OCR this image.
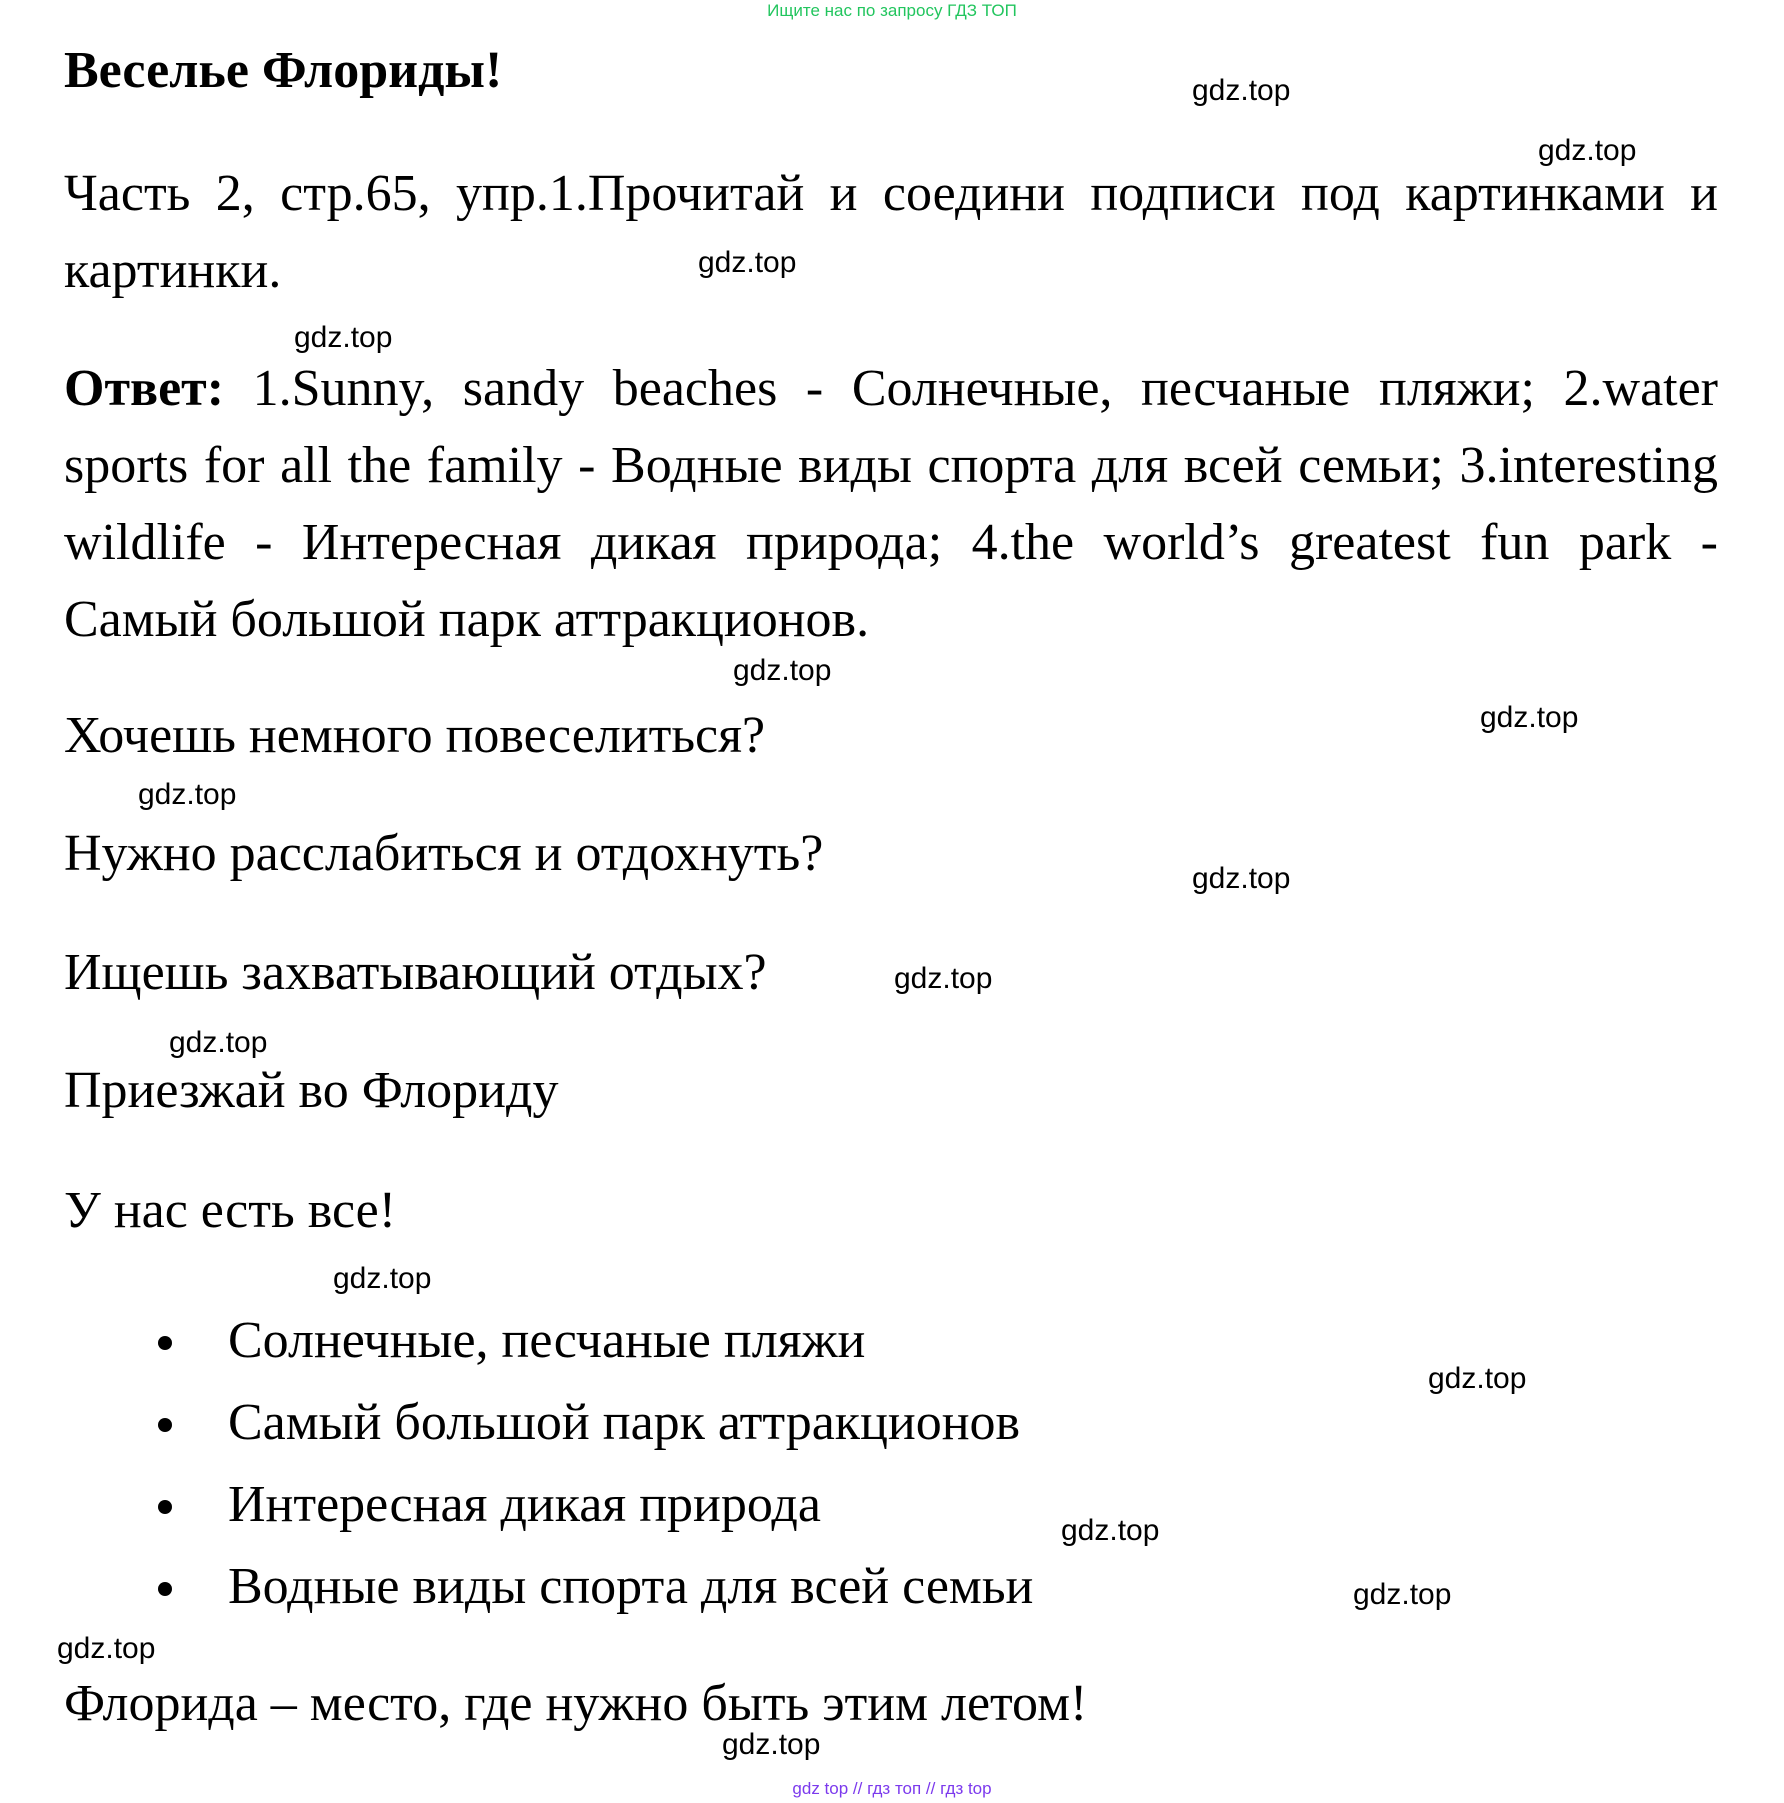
Ищите нас по запросу ГДЗ ТОП
Веселье Флориды!

Часть 2, стр.65, упр.1.Прочитай и соедини подписи под картинками и картинки.

Ответ: 1.Sunny, sandy beaches - Солнечные, песчаные пляжи; 2.water sports for all the family - Водные виды спорта для всей семьи; 3.interesting wildlife - Интересная дикая природа; 4.the world’s greatest fun park - Самый большой парк аттракционов.

Хочешь немного повеселиться?
Нужно расслабиться и отдохнуть?
Ищешь захватывающий отдых?
Приезжай во Флориду
У нас есть все!
Солнечные, песчаные пляжи
Самый большой парк аттракционов
Интересная дикая природа
Водные виды спорта для всей семьи
Флорида – место, где нужно быть этим летом!
gdz.top
gdz.top
gdz.top
gdz.top
gdz.top
gdz.top
gdz.top
gdz.top
gdz.top
gdz.top
gdz.top
gdz.top
gdz.top
gdz.top
gdz.top
gdz.top
gdz top // гдз топ // гдз top
